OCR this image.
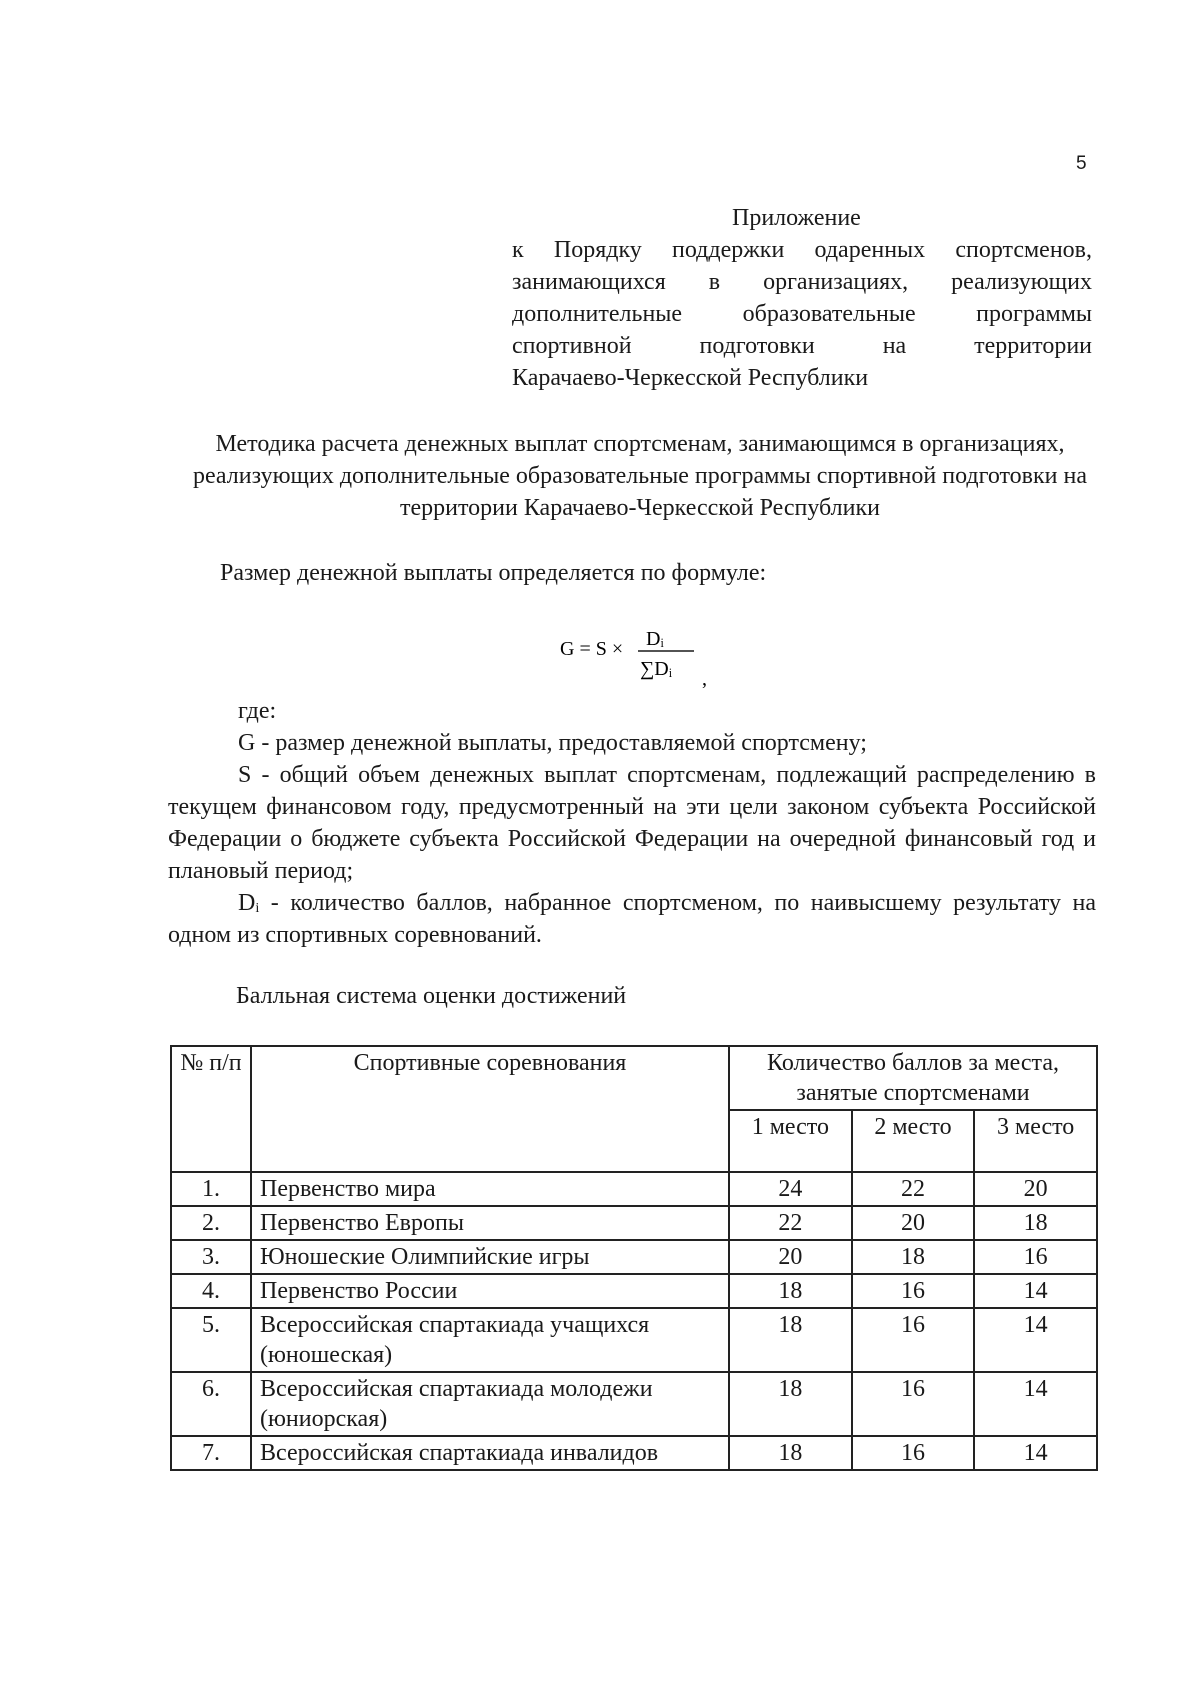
5
Приложение
к Порядку поддержки одаренных спортсменов,
занимающихся в организациях, реализующих
дополнительные образовательные программы
спортивной подготовки на территории
Карачаево-Черкесской Республики
Методика расчета денежных выплат спортсменам, занимающимся в организациях, реализующих дополнительные образовательные программы спортивной подготовки на территории Карачаево-Черкесской Республики
Размер денежной выплаты определяется по формуле:
G = S × Dᵢ
∑Dᵢ ,
где:

G - размер денежной выплаты, предоставляемой спортсмену;

S - общий объем денежных выплат спортсменам, подлежащий распределению в текущем финансовом году, предусмотренный на эти цели законом субъекта Российской Федерации о бюджете субъекта Российской Федерации на очередной финансовый год и плановый период;

Dᵢ - количество баллов, набранное спортсменом, по наивысшему результату на одном из спортивных соревнований.

Балльная система оценки достижений
№ п/п	Спортивные соревнования	Количество баллов за места, занятые спортсменами		
		1 место	2 место	3 место
1.	Первенство мира	24	22	20
2.	Первенство Европы	22	20	18
3.	Юношеские Олимпийские игры	20	18	16
4.	Первенство России	18	16	14
5.	Всероссийская спартакиада учащихся (юношеская)	18	16	14
6.	Всероссийская спартакиада молодежи (юниорская)	18	16	14
7.	Всероссийская спартакиада инвалидов	18	16	14
